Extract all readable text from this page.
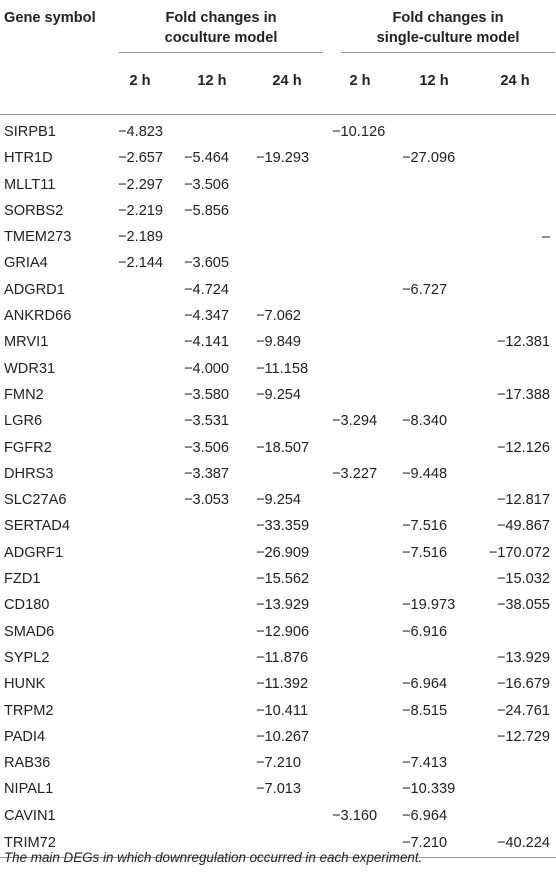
Gene symbol	Fold changes in
coculture model			Fold changes in
single-culture model		

	2 h	12 h	24 h	2 h	12 h	24 h

SIRPB1	−4.823			−10.126		
HTR1D	−2.657	−5.464	−19.293		−27.096	
MLLT11	−2.297	−3.506				
SORBS2	−2.219	−5.856				
TMEM273	−2.189					–
GRIA4	−2.144	−3.605				
ADGRD1		−4.724			−6.727	
ANKRD66		−4.347	−7.062			
MRVI1		−4.141	−9.849			−12.381
WDR31		−4.000	−11.158			
FMN2		−3.580	−9.254			−17.388
LGR6		−3.531		−3.294	−8.340	
FGFR2		−3.506	−18.507			−12.126
DHRS3		−3.387		−3.227	−9.448	
SLC27A6		−3.053	−9.254			−12.817
SERTAD4			−33.359		−7.516	−49.867
ADGRF1			−26.909		−7.516	−170.072
FZD1			−15.562			−15.032
CD180			−13.929		−19.973	−38.055
SMAD6			−12.906		−6.916	
SYPL2			−11.876			−13.929
HUNK			−11.392		−6.964	−16.679
TRPM2			−10.411		−8.515	−24.761
PADI4			−10.267			−12.729
RAB36			−7.210		−7.413	
NIPAL1			−7.013		−10.339	
CAVIN1				−3.160	−6.964	
TRIM72					−7.210	−40.224
The main DEGs in which downregulation occurred in each experiment.
